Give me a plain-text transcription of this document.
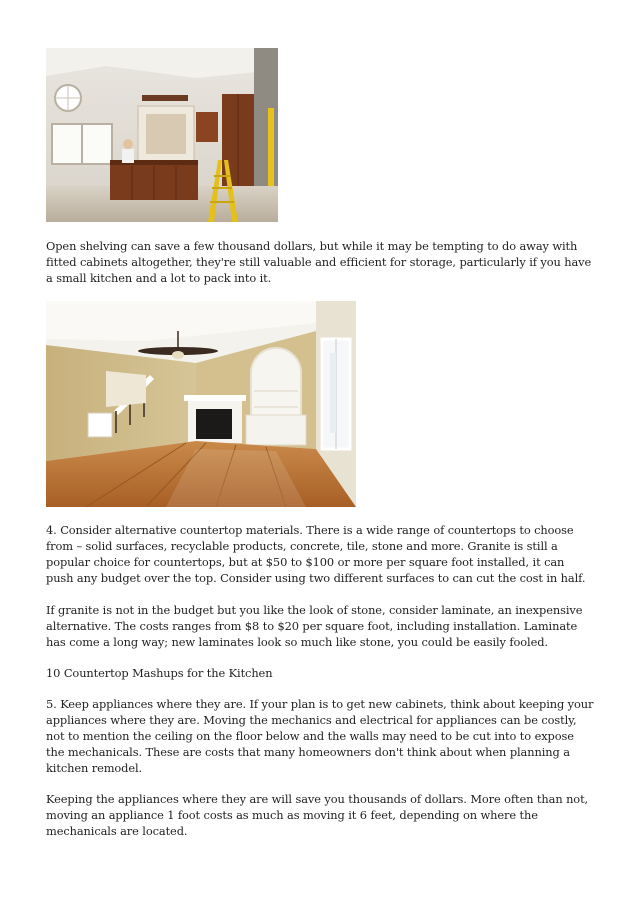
Open shelving can save a few thousand dollars, but while it may be tempting to do away with fitted cabinets altogether, they're still valuable and efficient for storage, particularly if you have a small kitchen and a lot to pack into it.

4. Consider alternative countertop materials. There is a wide range of countertops to choose from – solid surfaces, recyclable products, concrete, tile, stone and more. Granite is still a popular choice for countertops, but at $50 to $100 or more per square foot installed, it can push any budget over the top. Consider using two different surfaces to can cut the cost in half.

If granite is not in the budget but you like the look of stone, consider laminate, an inexpensive alternative. The costs ranges from $8 to $20 per square foot, including installation. Laminate has come a long way; new laminates look so much like stone, you could be easily fooled.

10 Countertop Mashups for the Kitchen

5. Keep appliances where they are. If your plan is to get new cabinets, think about keeping your appliances where they are. Moving the mechanics and electrical for appliances can be costly, not to mention the ceiling on the floor below and the walls may need to be cut into to expose the mechanicals. These are costs that many homeowners don't think about when planning a kitchen remodel.

Keeping the appliances where they are will save you thousands of dollars. More often than not, moving an appliance 1 foot costs as much as moving it 6 feet, depending on where the mechanicals are located.
